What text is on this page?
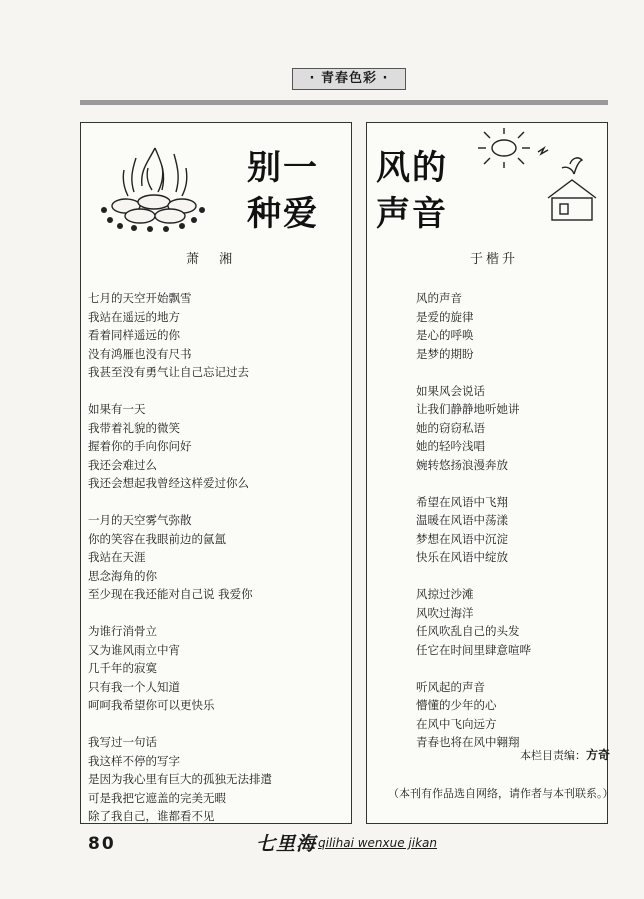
· 青春色彩 ·
别一
种爱
萧 湘
七月的天空开始飘雪
我站在遥远的地方
看着同样遥远的你
没有鸿雁也没有尺书
我甚至没有勇气让自己忘记过去
如果有一天
我带着礼貌的微笑
握着你的手向你问好
我还会难过么
我还会想起我曾经这样爱过你么
一月的天空雾气弥散
你的笑容在我眼前边的氤氲
我站在天涯
思念海角的你
至少现在我还能对自己说 我爱你
为谁行消骨立
又为谁风雨立中宵
几千年的寂寞
只有我一个人知道
呵呵我希望你可以更快乐
我写过一句话
我这样不停的写字
是因为我心里有巨大的孤独无法排遣
可是我把它遮盖的完美无暇
除了我自己，谁都看不见
风的
声音
于楷升
风的声音
是爱的旋律
是心的呼唤
是梦的期盼
如果风会说话
让我们静静地听她讲
她的窃窃私语
她的轻吟浅唱
婉转悠扬浪漫奔放
希望在风语中飞翔
温暖在风语中荡漾
梦想在风语中沉淀
快乐在风语中绽放
风掠过沙滩
风吹过海洋
任风吹乱自己的头发
任它在时间里肆意喧哗
听风起的声音
懵懂的少年的心
在风中飞向远方
青春也将在风中翱翔
本栏目责编：方奇
（本刊有作品选自网络，请作者与本刊联系。）
80	七里海 qilihai wenxue jikan
